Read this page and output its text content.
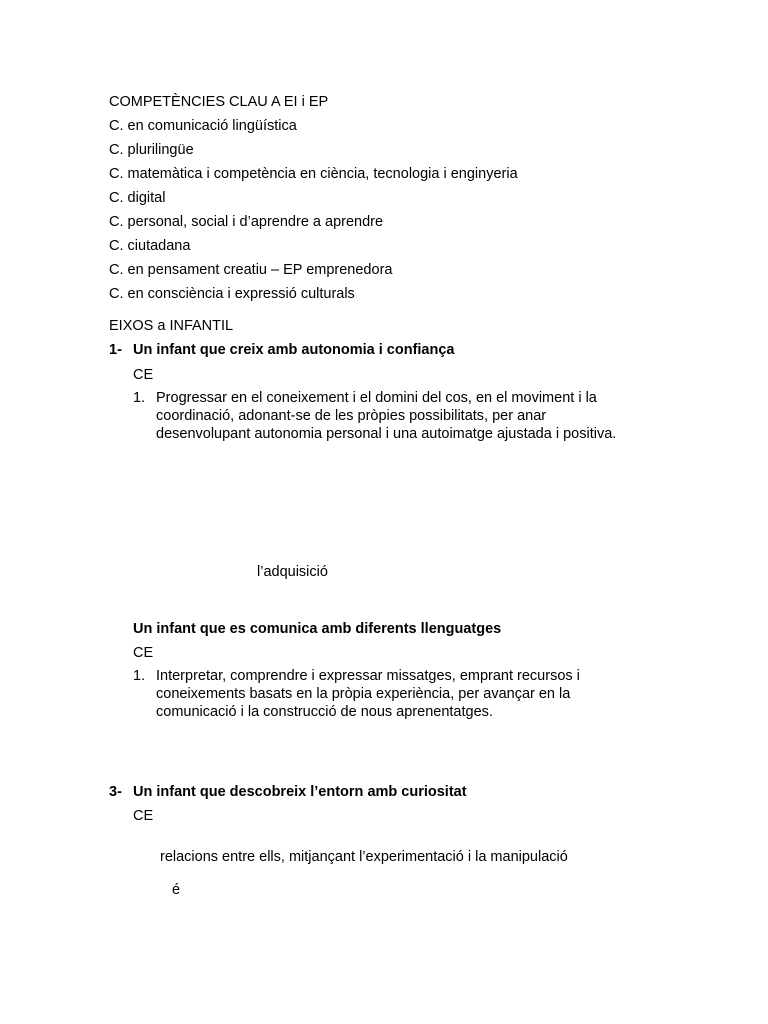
COMPETÈNCIES CLAU A EI i EP
C. en comunicació lingüística
C. plurilingüe
C. matemàtica i competència en ciència, tecnologia i enginyeria
C. digital
C. personal, social i d’aprendre a aprendre
C. ciutadana
C. en pensament creatiu – EP emprenedora
C. en consciència i expressió culturals
EIXOS a INFANTIL
1- Un infant que creix amb autonomia i confiança
CE
1. Progressar en el coneixement i el domini del cos, en el moviment i la
coordinació, adonant-se de les pròpies possibilitats, per anar
desenvolupant autonomia personal i una autoimatge ajustada i positiva.
l’adquisició
Un infant que es comunica amb diferents llenguatges
CE
1. Interpretar, comprendre i expressar missatges, emprant recursos i
coneixements basats en la pròpia experiència, per avançar en la
comunicació i la construcció de nous aprenentatges.
3- Un infant que descobreix l’entorn amb curiositat
CE
relacions entre ells, mitjançant l’experimentació i la manipulació
é
